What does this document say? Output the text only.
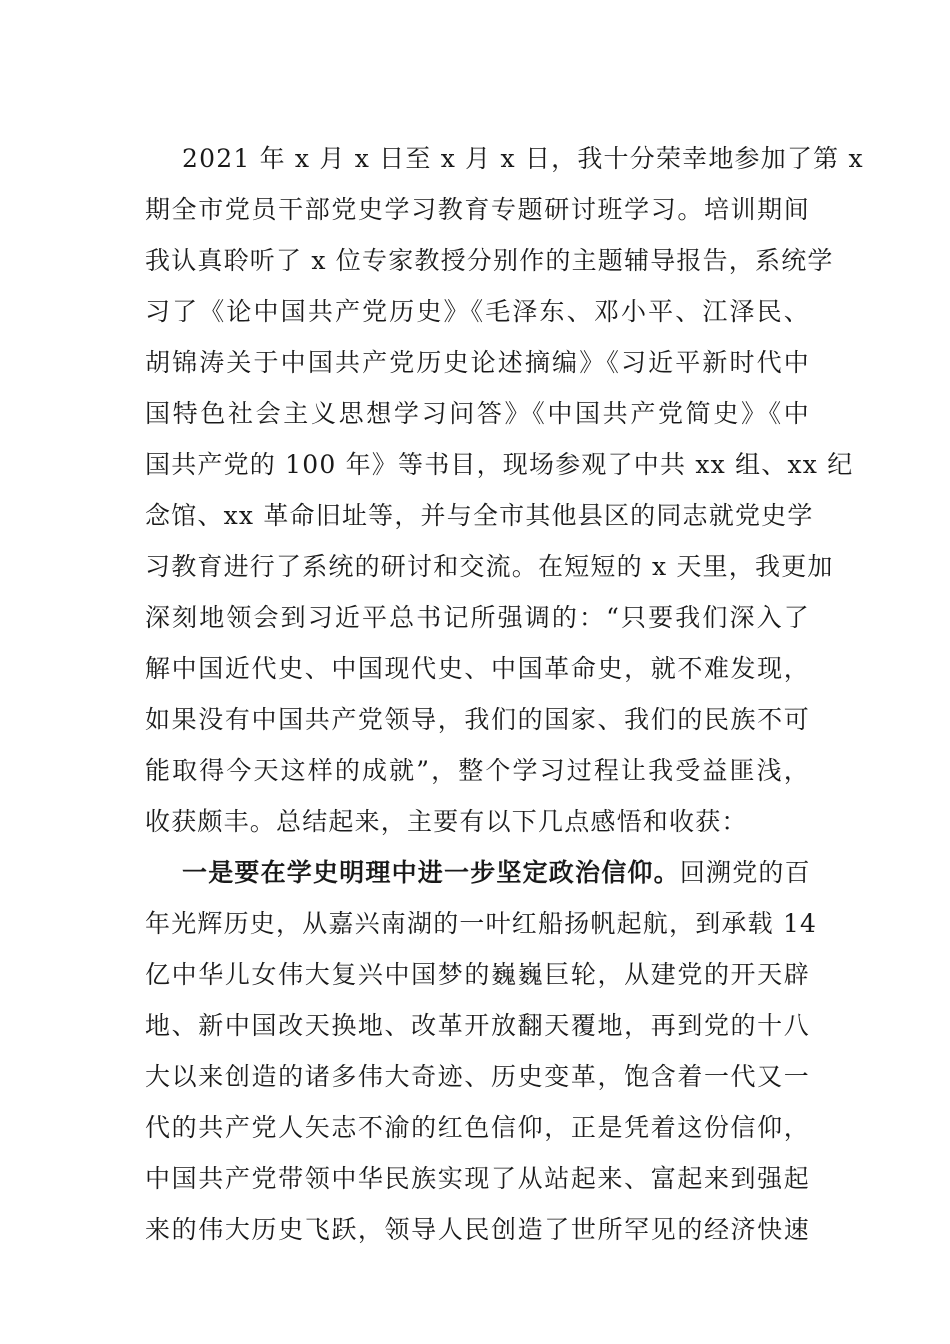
2021 年 x 月 x 日至 x 月 x 日，我十分荣幸地参加了第 x
期全市党员干部党史学习教育专题研讨班学习。培训期间
我认真聆听了 x 位专家教授分别作的主题辅导报告，系统学
习了《论中国共产党历史》《毛泽东、邓小平、江泽民、
胡锦涛关于中国共产党历史论述摘编》《习近平新时代中
国特色社会主义思想学习问答》《中国共产党简史》《中
国共产党的 100 年》等书目，现场参观了中共 xx 组、xx 纪
念馆、xx 革命旧址等，并与全市其他县区的同志就党史学
习教育进行了系统的研讨和交流。在短短的 x 天里，我更加
深刻地领会到习近平总书记所强调的：“只要我们深入了
解中国近代史、中国现代史、中国革命史，就不难发现，
如果没有中国共产党领导，我们的国家、我们的民族不可
能取得今天这样的成就”，整个学习过程让我受益匪浅，
收获颇丰。总结起来，主要有以下几点感悟和收获：
一是要在学史明理中进一步坚定政治信仰。回溯党的百
年光辉历史，从嘉兴南湖的一叶红船扬帆起航，到承载 14
亿中华儿女伟大复兴中国梦的巍巍巨轮，从建党的开天辟
地、新中国改天换地、改革开放翻天覆地，再到党的十八
大以来创造的诸多伟大奇迹、历史变革，饱含着一代又一
代的共产党人矢志不渝的红色信仰，正是凭着这份信仰，
中国共产党带领中华民族实现了从站起来、富起来到强起
来的伟大历史飞跃，领导人民创造了世所罕见的经济快速
